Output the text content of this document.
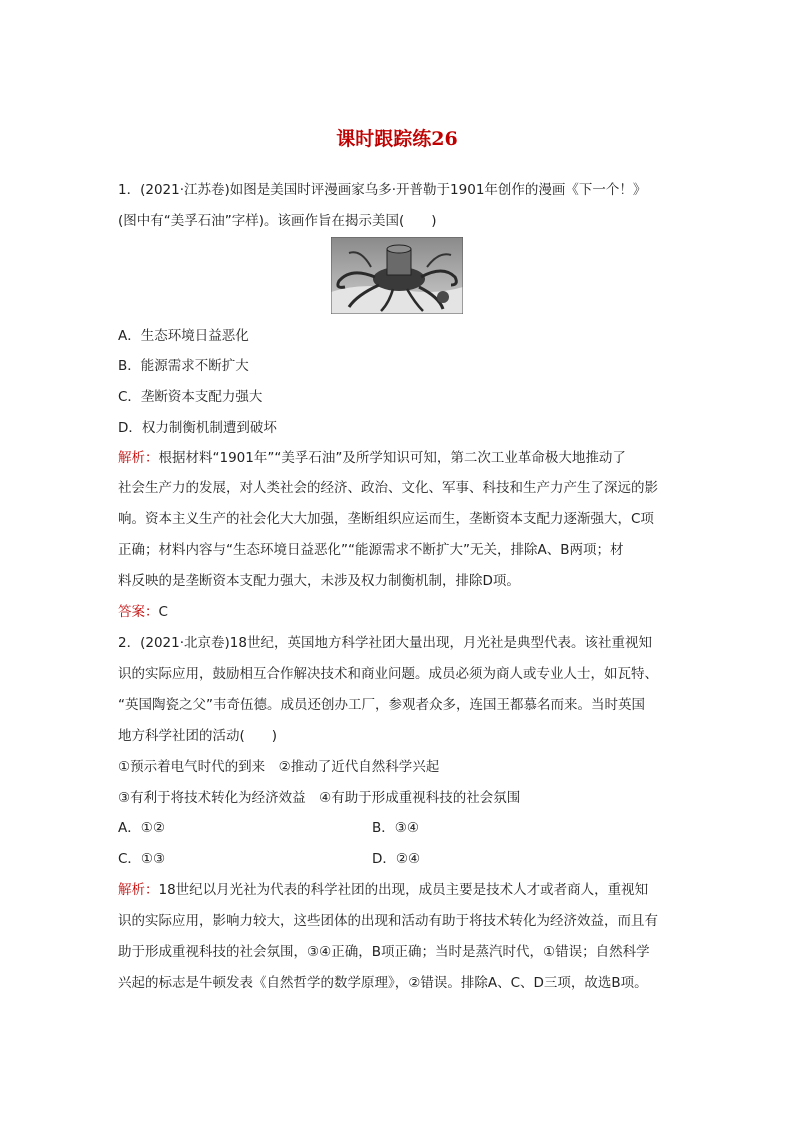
课时跟踪练26
1．(2021·江苏卷)如图是美国时评漫画家乌多·开普勒于1901年创作的漫画《下一个！》
(图中有“美孚石油”字样)。该画作旨在揭示美国(　　)
A．生态环境日益恶化
B．能源需求不断扩大
C．垄断资本支配力强大
D．权力制衡机制遭到破坏
解析：根据材料“1901年”“美孚石油”及所学知识可知，第二次工业革命极大地推动了
社会生产力的发展，对人类社会的经济、政治、文化、军事、科技和生产力产生了深远的影
响。资本主义生产的社会化大大加强，垄断组织应运而生，垄断资本支配力逐渐强大，C项
正确；材料内容与“生态环境日益恶化”“能源需求不断扩大”无关，排除A、B两项；材
料反映的是垄断资本支配力强大，未涉及权力制衡机制，排除D项。
答案：C
2．(2021·北京卷)18世纪，英国地方科学社团大量出现，月光社是典型代表。该社重视知
识的实际应用，鼓励相互合作解决技术和商业问题。成员必须为商人或专业人士，如瓦特、
“英国陶瓷之父”韦奇伍德。成员还创办工厂，参观者众多，连国王都慕名而来。当时英国
地方科学社团的活动(　　)
①预示着电气时代的到来　②推动了近代自然科学兴起
③有利于将技术转化为经济效益　④有助于形成重视科技的社会氛围
A．①②	B．③④
C．①③	D．②④
解析：18世纪以月光社为代表的科学社团的出现，成员主要是技术人才或者商人，重视知
识的实际应用，影响力较大，这些团体的出现和活动有助于将技术转化为经济效益，而且有
助于形成重视科技的社会氛围，③④正确，B项正确；当时是蒸汽时代，①错误；自然科学
兴起的标志是牛顿发表《自然哲学的数学原理》，②错误。排除A、C、D三项，故选B项。
